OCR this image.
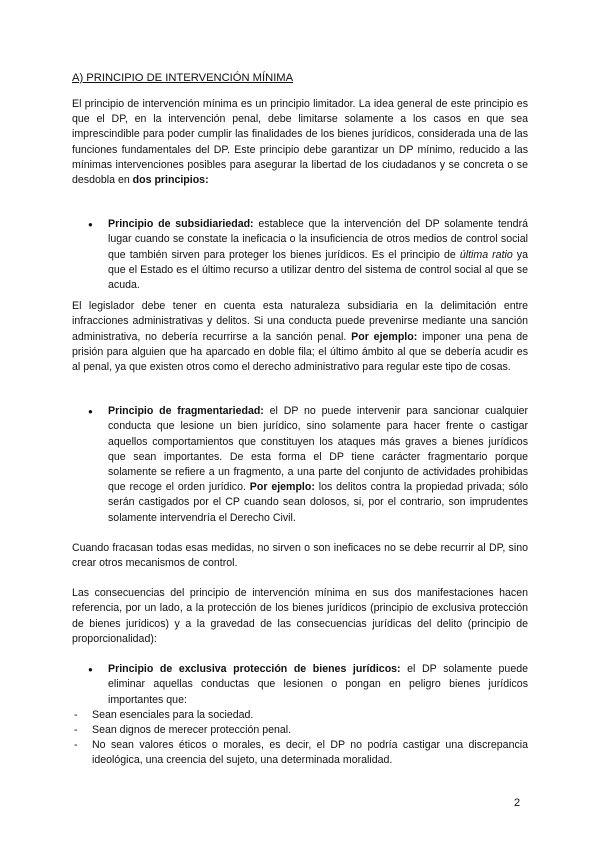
A) PRINCIPIO DE INTERVENCIÓN MÍNIMA

El principio de intervención mínima es un principio limitador. La idea general de este principio es que el DP, en la intervención penal, debe limitarse solamente a los casos en que sea imprescindible para poder cumplir las finalidades de los bienes jurídicos, considerada una de las funciones fundamentales del DP. Este principio debe garantizar un DP mínimo, reducido a las mínimas intervenciones posibles para asegurar la libertad de los ciudadanos y se concreta o se desdobla en dos principios:

● Principio de subsidiariedad: establece que la intervención del DP solamente tendrá lugar cuando se constate la ineficacia o la insuficiencia de otros medios de control social que también sirven para proteger los bienes jurídicos. Es el principio de última ratio ya que el Estado es el último recurso a utilizar dentro del sistema de control social al que se acuda.

El legislador debe tener en cuenta esta naturaleza subsidiaria en la delimitación entre infracciones administrativas y delitos. Si una conducta puede prevenirse mediante una sanción administrativa, no debería recurrirse a la sanción penal. Por ejemplo: imponer una pena de prisión para alguien que ha aparcado en doble fila; el último ámbito al que se debería acudir es al penal, ya que existen otros como el derecho administrativo para regular este tipo de cosas.

● Principio de fragmentariedad: el DP no puede intervenir para sancionar cualquier conducta que lesione un bien jurídico, sino solamente para hacer frente o castigar aquellos comportamientos que constituyen los ataques más graves a bienes jurídicos que sean importantes. De esta forma el DP tiene carácter fragmentario porque solamente se refiere a un fragmento, a una parte del conjunto de actividades prohibidas que recoge el orden jurídico. Por ejemplo: los delitos contra la propiedad privada; sólo serán castigados por el CP cuando sean dolosos, si, por el contrario, son imprudentes solamente intervendría el Derecho Civil.

Cuando fracasan todas esas medidas, no sirven o son ineficaces no se debe recurrir al DP, sino crear otros mecanismos de control.

Las consecuencias del principio de intervención mínima en sus dos manifestaciones hacen referencia, por un lado, a la protección de los bienes jurídicos (principio de exclusiva protección de bienes jurídicos) y a la gravedad de las consecuencias jurídicas del delito (principio de proporcionalidad):

● Principio de exclusiva protección de bienes jurídicos: el DP solamente puede eliminar aquellas conductas que lesionen o pongan en peligro bienes jurídicos importantes que:
- Sean esenciales para la sociedad.
- Sean dignos de merecer protección penal.
- No sean valores éticos o morales, es decir, el DP no podría castigar una discrepancia ideológica, una creencia del sujeto, una determinada moralidad.
2
